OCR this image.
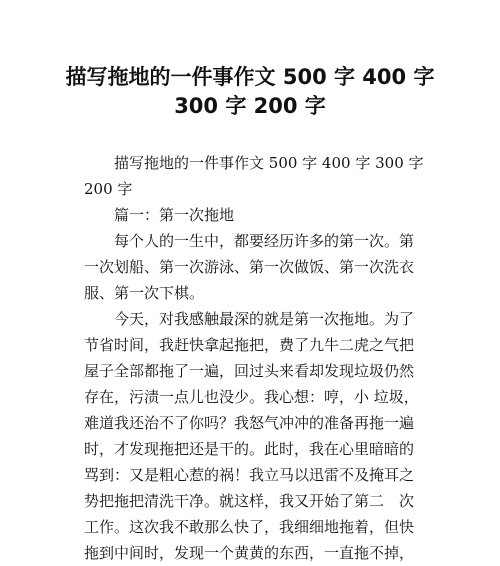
描写拖地的一件事作文 500 字 400 字
300 字 200 字
　　描写拖地的一件事作文 500 字 400 字 300 字
200 字
　　篇一：第一次拖地
　　每个人的一生中，都要经历许多的第一次。第
一次划船、第一次游泳、第一次做饭、第一次洗衣
服、第一次下棋。
　　今天，对我感触最深的就是第一次拖地。为了
节省时间，我赶快拿起拖把，费了九牛二虎之气把
屋子全部都拖了一遍，回过头来看却发现垃圾仍然
存在，污渍一点儿也没少。我心想：哼，小 垃圾，
难道我还治不了你吗？我怒气冲冲的准备再拖一遍
时，才发现拖把还是干的。此时，我在心里暗暗的
骂到：又是粗心惹的祸！我立马以迅雷不及掩耳之
势把拖把清洗干净。就这样，我又开始了第二　次
工作。这次我不敢那么快了，我细细地拖着，但快
拖到中间时，发现一个黄黄的东西，一直拖不掉，
